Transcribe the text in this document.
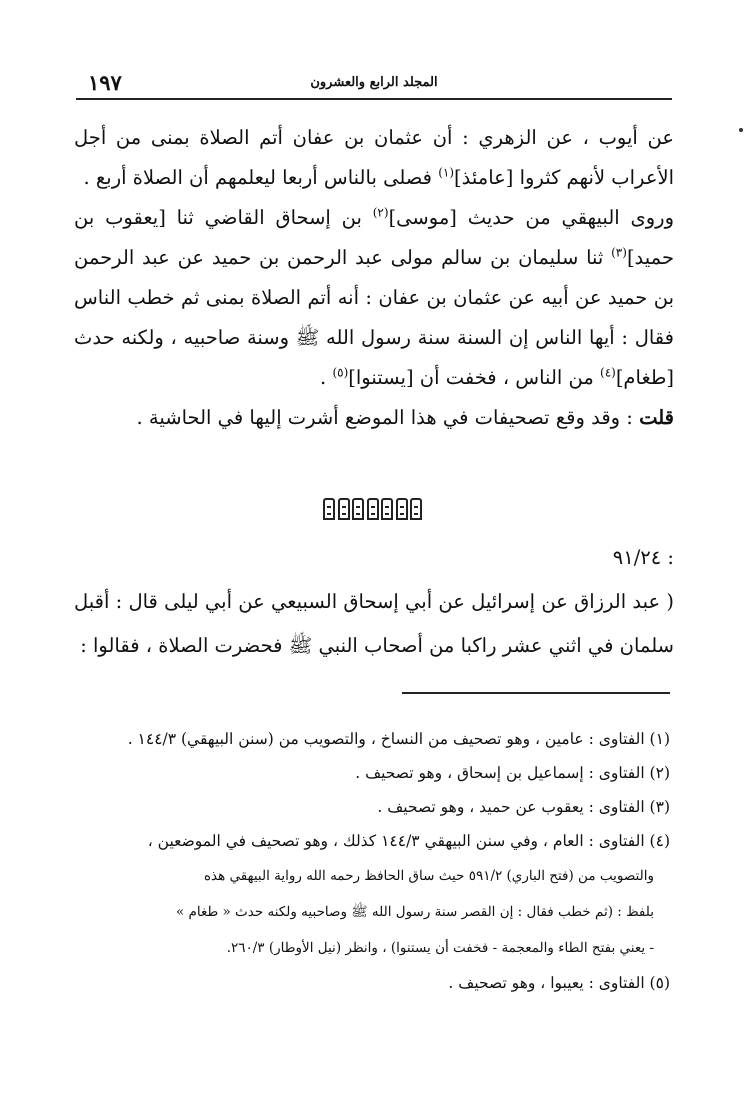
١٩٧	المجلد الرابع والعشرون

عن أيوب ، عن الزهري : أن عثمان بن عفان أتم الصلاة بمنى من أجل الأعراب لأنهم كثروا [عامئذ]$^{(١)}$ فصلى بالناس أربعا ليعلمهم أن الصلاة أربع .

وروى البيهقي من حديث [موسى]$^{(٢)}$ بن إسحاق القاضي ثنا [يعقوب بن حميد]$^{(٣)}$ ثنا سليمان بن سالم مولى عبد الرحمن بن حميد عن عبد الرحمن بن حميد عن أبيه عن عثمان بن عفان : أنه أتم الصلاة بمنى ثم خطب الناس فقال : أيها الناس إن السنة سنة رسول الله ﷺ وسنة صاحبيه ، ولكنه حدث [طغام]$^{(٤)}$ من الناس ، فخفت أن [يستنوا]$^{(٥)}$ .

قلت : وقد وقع تصحيفات في هذا الموضع أشرت إليها في الحاشية .

: ٩١/٢٤

( عبد الرزاق عن إسرائيل عن أبي إسحاق السبيعي عن أبي ليلى قال : أقبل سلمان في اثني عشر راكبا من أصحاب النبي ﷺ فحضرت الصلاة ، فقالوا :

(١) الفتاوى : عامين ، وهو تصحيف من النساخ ، والتصويب من (سنن البيهقي) ١٤٤/٣ .

(٢) الفتاوى : إسماعيل بن إسحاق ، وهو تصحيف .

(٣) الفتاوى : يعقوب عن حميد ، وهو تصحيف .

(٤) الفتاوى : العام ، وفي سنن البيهقي ١٤٤/٣ كذلك ، وهو تصحيف في الموضعين ،

والتصويب من (فتح الباري) ٥٩١/٢ حيث ساق الحافظ رحمه الله رواية البيهقي هذه

بلفظ : (ثم خطب فقال : إن القصر سنة رسول الله ﷺ وصاحبيه ولكنه حدث « طغام »

- يعني بفتح الطاء والمعجمة - فخفت أن يستنوا) ، وانظر (نيل الأوطار) ٢٦٠/٣.

(٥) الفتاوى : يعيبوا ، وهو تصحيف .
